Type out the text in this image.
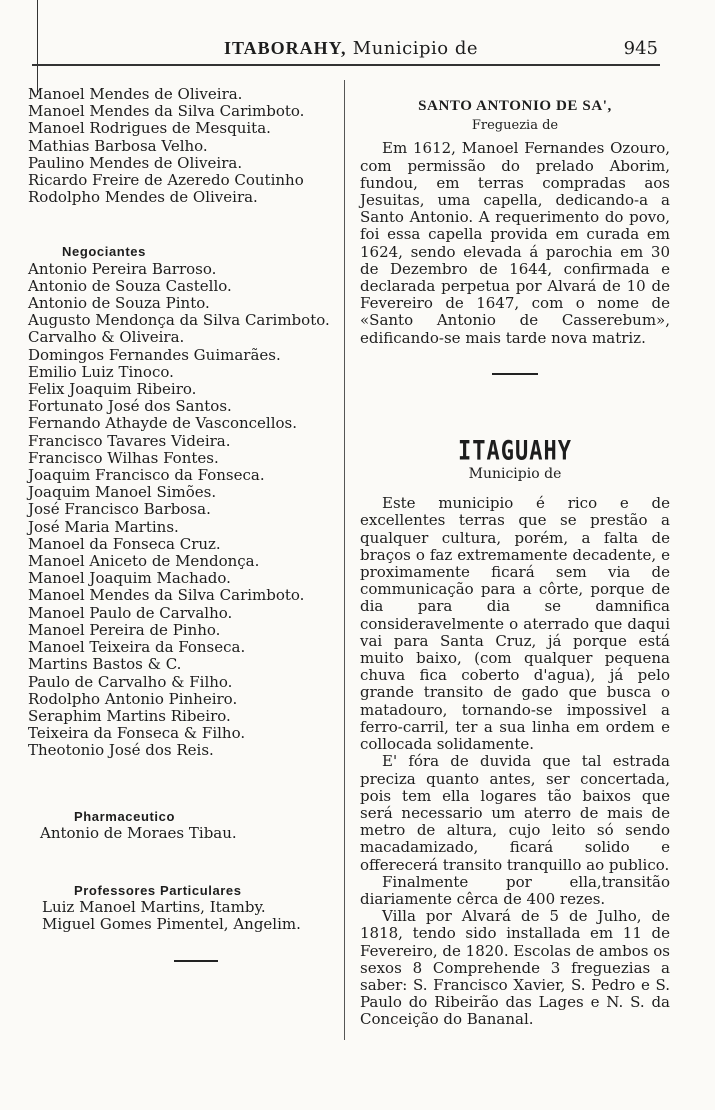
ITABORAHY, Municipio de	945
Manoel Mendes de Oliveira.
Manoel Mendes da Silva Carimboto.
Manoel Rodrigues de Mesquita.
Mathias Barbosa Velho.
Paulino Mendes de Oliveira.
Ricardo Freire de Azeredo Coutinho
Rodolpho Mendes de Oliveira.
Negociantes
Antonio Pereira Barroso.
Antonio de Souza Castello.
Antonio de Souza Pinto.
Augusto Mendonça da Silva Carimboto.
Carvalho & Oliveira.
Domingos Fernandes Guimarães.
Emilio Luiz Tinoco.
Felix Joaquim Ribeiro.
Fortunato José dos Santos.
Fernando Athayde de Vasconcellos.
Francisco Tavares Videira.
Francisco Wilhas Fontes.
Joaquim Francisco da Fonseca.
Joaquim Manoel Simões.
José Francisco Barbosa.
José Maria Martins.
Manoel da Fonseca Cruz.
Manoel Aniceto de Mendonça.
Manoel Joaquim Machado.
Manoel Mendes da Silva Carimboto.
Manoel Paulo de Carvalho.
Manoel Pereira de Pinho.
Manoel Teixeira da Fonseca.
Martins Bastos & C.
Paulo de Carvalho & Filho.
Rodolpho Antonio Pinheiro.
Seraphim Martins Ribeiro.
Teixeira da Fonseca & Filho.
Theotonio José dos Reis.
Pharmaceutico
Antonio de Moraes Tibau.
Professores Particulares
Luiz Manoel Martins, Itamby.
Miguel Gomes Pimentel, Angelim.
SANTO ANTONIO DE SA',
Freguezia de
Em 1612, Manoel Fernandes Ozouro, com permissão do prelado Aborim, fundou, em terras compradas aos Jesuitas, uma capella, dedicando-a a Santo Antonio. A requerimento do povo, foi essa capella provida em curada em 1624, sendo elevada á parochia em 30 de Dezembro de 1644, confirmada e declarada perpetua por Alvará de 10 de Fevereiro de 1647, com o nome de «Santo Antonio de Casserebum», edificando-se mais tarde nova matriz.
ITAGUAHY
Municipio de
Este municipio é rico e de excellentes terras que se prestão a qualquer cultura, porém, a falta de braços o faz extremamente decadente, e proximamente ficará sem via de communicação para a côrte, porque de dia para dia se damnifica consideravelmente o aterrado que daqui vai para Santa Cruz, já porque está muito baixo, (com qualquer pequena chuva fica coberto d'agua), já pelo grande transito de gado que busca o matadouro, tornando-se impossivel a ferro-carril, ter a sua linha em ordem e collocada solidamente.
E' fóra de duvida que tal estrada preciza quanto antes, ser concertada, pois tem ella logares tão baixos que será necessario um aterro de mais de metro de altura, cujo leito só sendo macadamizado, ficará solido e offerecerá transito tranquillo ao publico.
Finalmente por ella,transitão diariamente cêrca de 400 rezes.
Villa por Alvará de 5 de Julho, de 1818, tendo sido installada em 11 de Fevereiro, de 1820. Escolas de ambos os sexos 8 Comprehende 3 freguezias a saber: S. Francisco Xavier, S. Pedro e S. Paulo do Ribeirão das Lages e N. S. da Conceição do Bananal.
